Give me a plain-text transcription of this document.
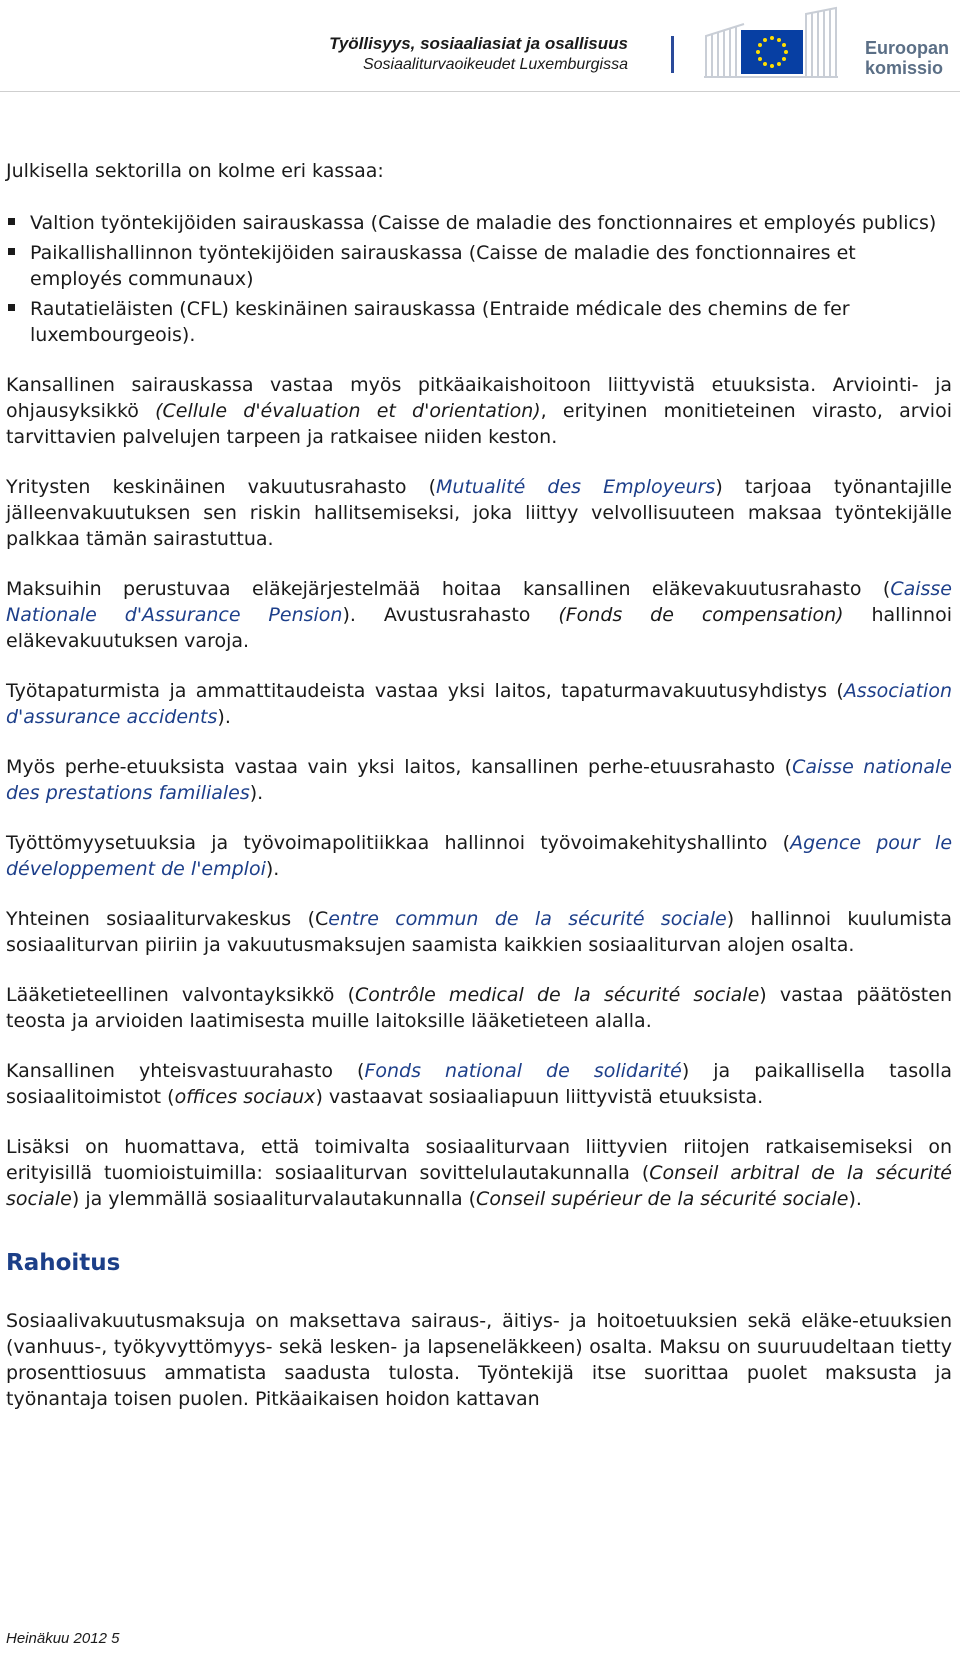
Työllisyys, sosiaaliasiat ja osallisuus
Sosiaaliturvaoikeudet Luxemburgissa
Euroopan
komissio

Julkisella sektorilla on kolme eri kassaa:

Valtion työntekijöiden sairauskassa (Caisse de maladie des fonctionnaires et employés publics)
Paikallishallinnon työntekijöiden sairauskassa (Caisse de maladie des fonctionnaires et employés communaux)
Rautatieläisten (CFL) keskinäinen sairauskassa (Entraide médicale des chemins de fer luxembourgeois).

Kansallinen sairauskassa vastaa myös pitkäaikaishoitoon liittyvistä etuuksista. Arviointi- ja ohjausyksikkö (Cellule d'évaluation et d'orientation), erityinen monitieteinen virasto, arvioi tarvittavien palvelujen tarpeen ja ratkaisee niiden keston.

Yritysten keskinäinen vakuutusrahasto (Mutualité des Employeurs) tarjoaa työnantajille jälleenvakuutuksen sen riskin hallitsemiseksi, joka liittyy velvollisuuteen maksaa työntekijälle palkkaa tämän sairastuttua.

Maksuihin perustuvaa eläkejärjestelmää hoitaa kansallinen eläkevakuutusrahasto (Caisse Nationale d'Assurance Pension). Avustusrahasto (Fonds de compensation) hallinnoi eläkevakuutuksen varoja.

Työtapaturmista ja ammattitaudeista vastaa yksi laitos, tapaturmavakuutusyhdistys (Association d'assurance accidents).

Myös perhe-etuuksista vastaa vain yksi laitos, kansallinen perhe-etuusrahasto (Caisse nationale des prestations familiales).

Työttömyysetuuksia ja työvoimapolitiikkaa hallinnoi työvoimakehityshallinto (Agence pour le développement de l'emploi).

Yhteinen sosiaaliturvakeskus (Centre commun de la sécurité sociale) hallinnoi kuulumista sosiaaliturvan piiriin ja vakuutusmaksujen saamista kaikkien sosiaaliturvan alojen osalta.

Lääketieteellinen valvontayksikkö (Contrôle medical de la sécurité sociale) vastaa päätösten teosta ja arvioiden laatimisesta muille laitoksille lääketieteen alalla.

Kansallinen yhteisvastuurahasto (Fonds national de solidarité) ja paikallisella tasolla sosiaalitoimistot (offices sociaux) vastaavat sosiaaliapuun liittyvistä etuuksista.

Lisäksi on huomattava, että toimivalta sosiaaliturvaan liittyvien riitojen ratkaisemiseksi on erityisillä tuomioistuimilla: sosiaaliturvan sovittelulautakunnalla (Conseil arbitral de la sécurité sociale) ja ylemmällä sosiaaliturvalautakunnalla (Conseil supérieur de la sécurité sociale).

Rahoitus

Sosiaalivakuutusmaksuja on maksettava sairaus-, äitiys- ja hoitoetuuksien sekä eläke-etuuksien (vanhuus-, työkyvyttömyys- sekä lesken- ja lapseneläkkeen) osalta. Maksu on suuruudeltaan tietty prosenttiosuus ammatista saadusta tulosta. Työntekijä itse suorittaa puolet maksusta ja työnantaja toisen puolen. Pitkäaikaisen hoidon kattavan

Heinäkuu 2012 5
